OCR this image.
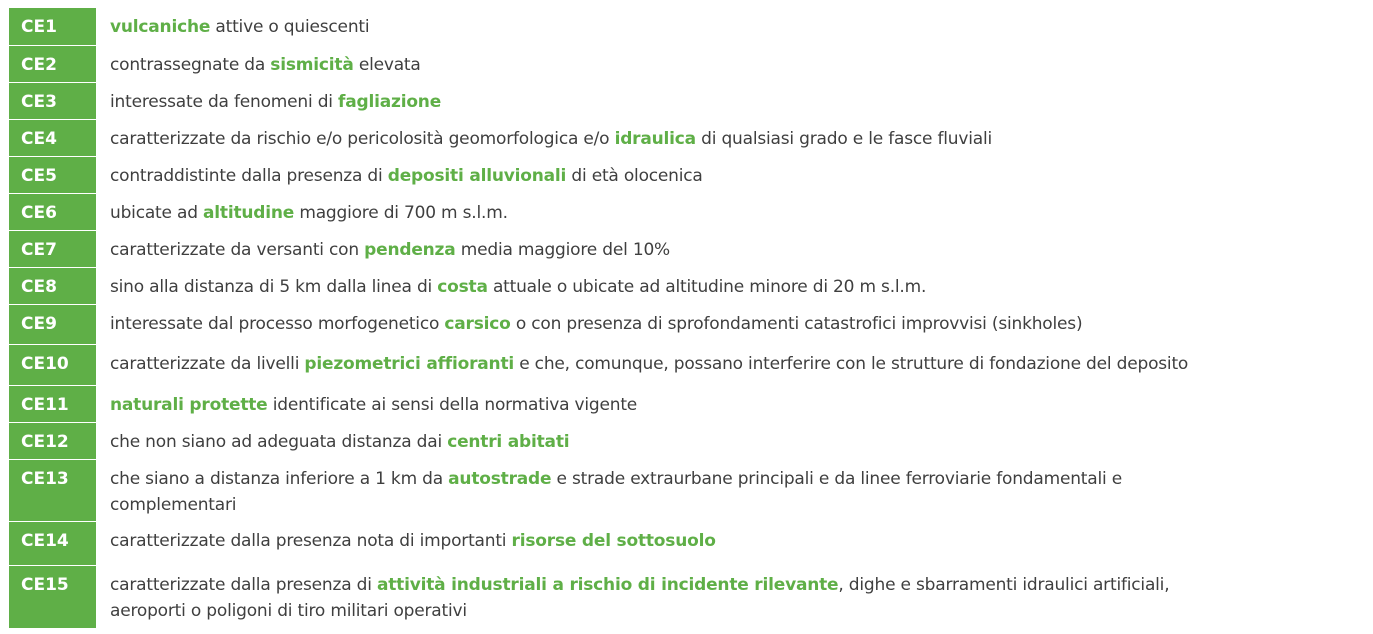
CE1	vulcaniche attive o quiescenti
CE2	contrassegnate da sismicità elevata
CE3	interessate da fenomeni di fagliazione
CE4	caratterizzate da rischio e/o pericolosità geomorfologica e/o idraulica di qualsiasi grado e le fasce fluviali
CE5	contraddistinte dalla presenza di depositi alluvionali di età olocenica
CE6	ubicate ad altitudine maggiore di 700 m s.l.m.
CE7	caratterizzate da versanti con pendenza media maggiore del 10%
CE8	sino alla distanza di 5 km dalla linea di costa attuale o ubicate ad altitudine minore di 20 m s.l.m.
CE9	interessate dal processo morfogenetico carsico o con presenza di sprofondamenti catastrofici improvvisi (sinkholes)
CE10	caratterizzate da livelli piezometrici affioranti e che, comunque, possano interferire con le strutture di fondazione del deposito
CE11	naturali protette identificate ai sensi della normativa vigente
CE12	che non siano ad adeguata distanza dai centri abitati
CE13	che siano a distanza inferiore a 1 km da autostrade e strade extraurbane principali e da linee ferroviarie fondamentali e
complementari
CE14	caratterizzate dalla presenza nota di importanti risorse del sottosuolo
CE15	caratterizzate dalla presenza di attività industriali a rischio di incidente rilevante, dighe e sbarramenti idraulici artificiali,
aeroporti o poligoni di tiro militari operativi
